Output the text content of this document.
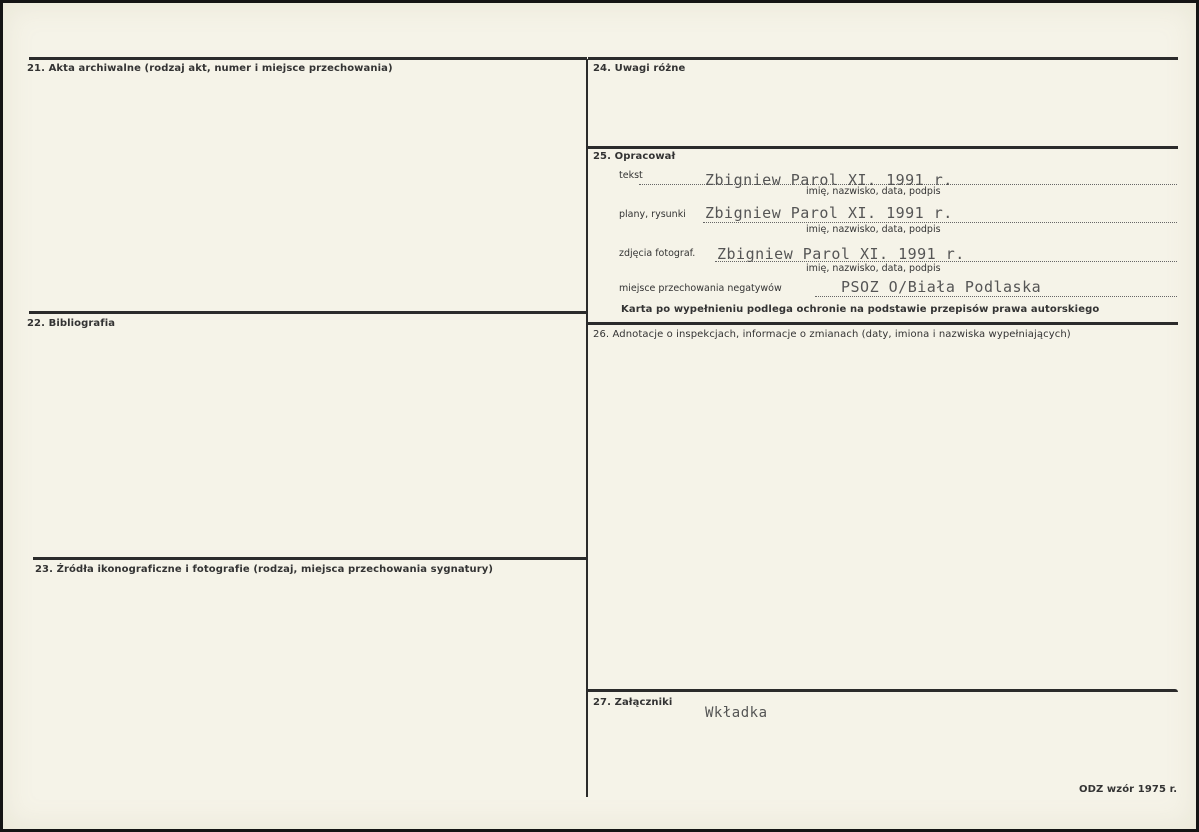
21. Akta archiwalne (rodzaj akt, numer i miejsce przechowania)
22. Bibliografia
23. Źródła ikonograficzne i fotografie (rodzaj, miejsca przechowania sygnatury)
24. Uwagi różne
25. Opracował
tekst	Zbigniew Parol XI. 1991 r.
imię, nazwisko, data, podpis
plany, rysunki Zbigniew Parol XI. 1991 r.
imię, nazwisko, data, podpis
zdjęcia fotograf. Zbigniew Parol XI. 1991 r.
imię, nazwisko, data, podpis
miejsce przechowania negatywów	PSOZ O/Biała Podlaska
Karta po wypełnieniu podlega ochronie na podstawie przepisów prawa autorskiego
26. Adnotacje o inspekcjach, informacje o zmianach (daty, imiona i nazwiska wypełniających)
27. Załączniki
Wkładka
ODZ wzór 1975 r.
